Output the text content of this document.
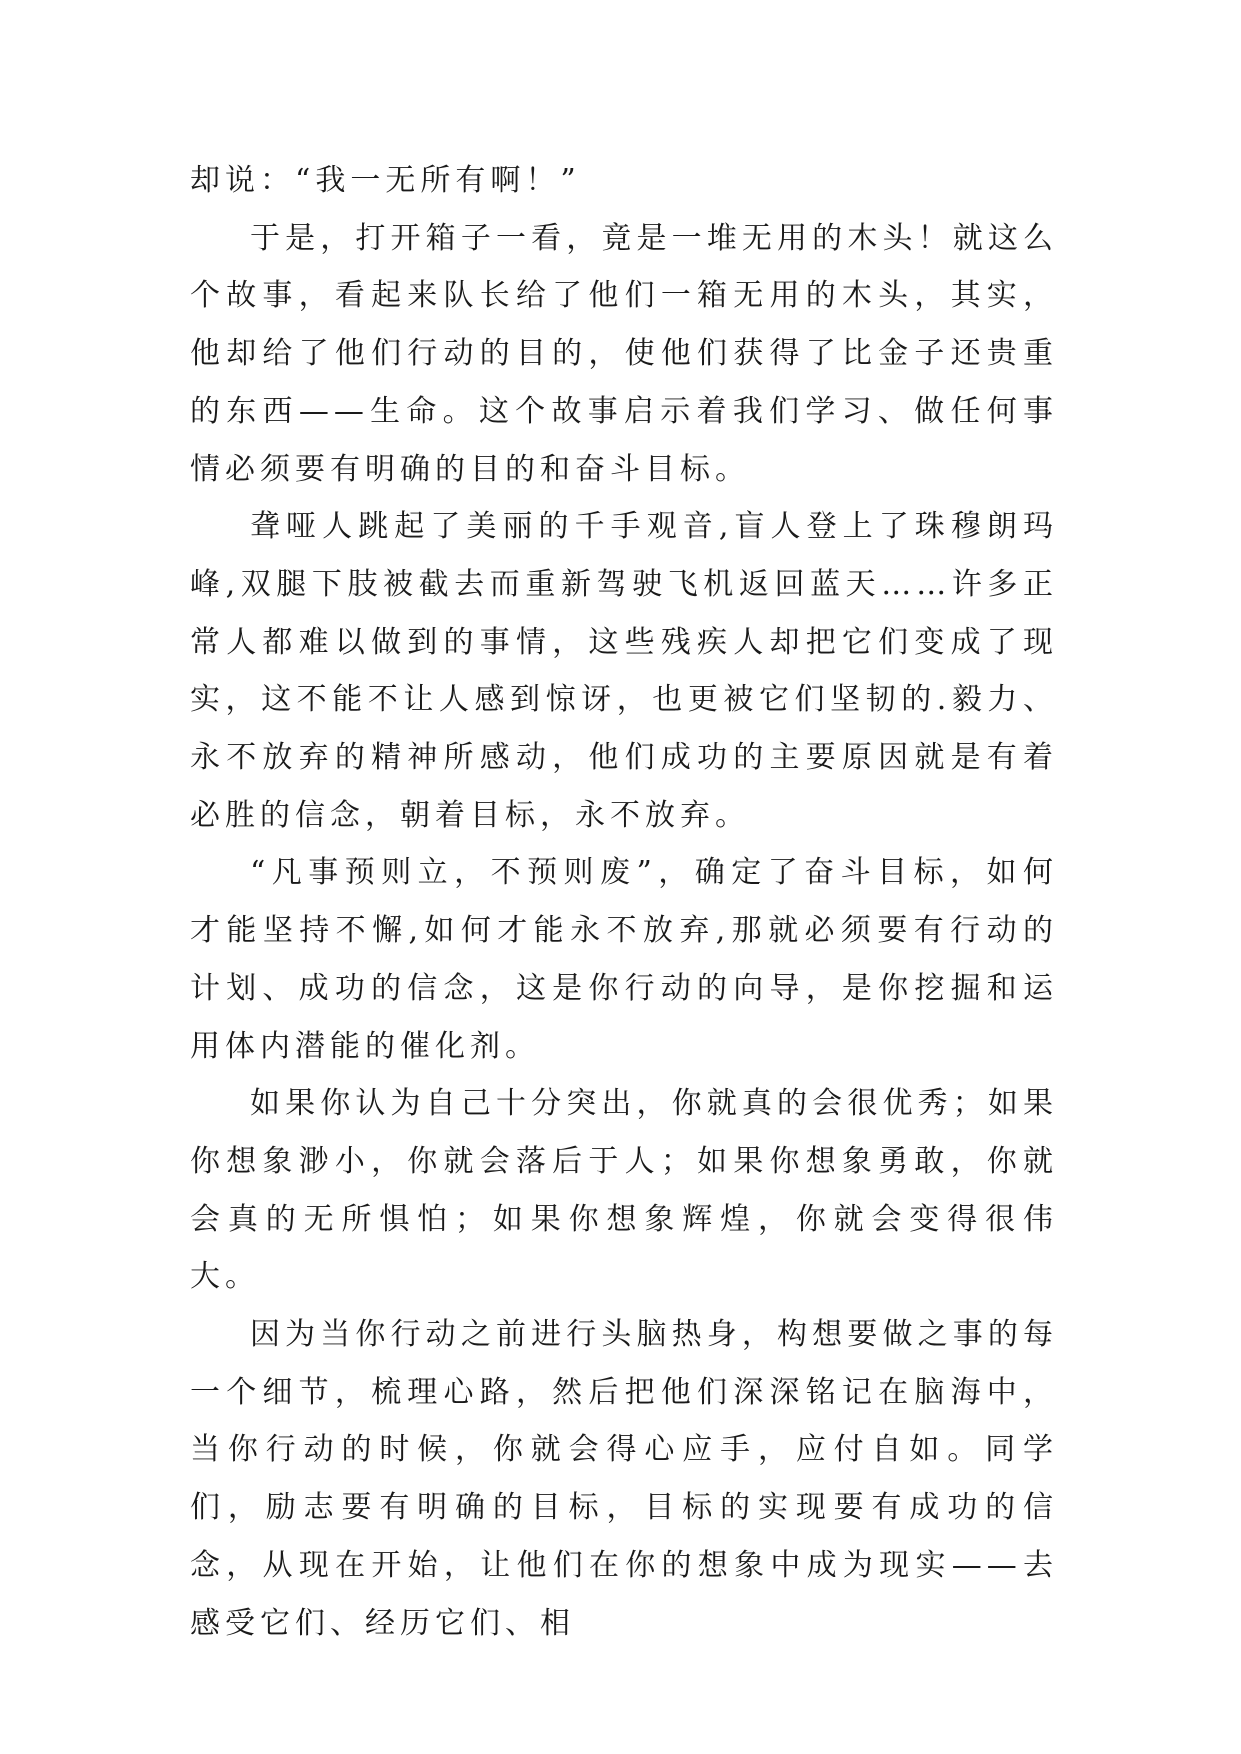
却说：“我一无所有啊！”

于是，打开箱子一看，竟是一堆无用的木头！就这么个故事，看起来队长给了他们一箱无用的木头，其实，他却给了他们行动的目的，使他们获得了比金子还贵重的东西——生命。这个故事启示着我们学习、做任何事情必须要有明确的目的和奋斗目标。

聋哑人跳起了美丽的千手观音,盲人登上了珠穆朗玛峰,双腿下肢被截去而重新驾驶飞机返回蓝天……许多正常人都难以做到的事情，这些残疾人却把它们变成了现实，这不能不让人感到惊讶，也更被它们坚韧的.毅力、永不放弃的精神所感动，他们成功的主要原因就是有着必胜的信念，朝着目标，永不放弃。

“凡事预则立，不预则废”，确定了奋斗目标，如何才能坚持不懈,如何才能永不放弃,那就必须要有行动的计划、成功的信念，这是你行动的向导，是你挖掘和运用体内潜能的催化剂。

如果你认为自己十分突出，你就真的会很优秀；如果你想象渺小，你就会落后于人；如果你想象勇敢，你就会真的无所惧怕；如果你想象辉煌，你就会变得很伟大。

因为当你行动之前进行头脑热身，构想要做之事的每一个细节，梳理心路，然后把他们深深铭记在脑海中，当你行动的时候，你就会得心应手，应付自如。同学们，励志要有明确的目标，目标的实现要有成功的信念，从现在开始，让他们在你的想象中成为现实——去感受它们、经历它们、相
